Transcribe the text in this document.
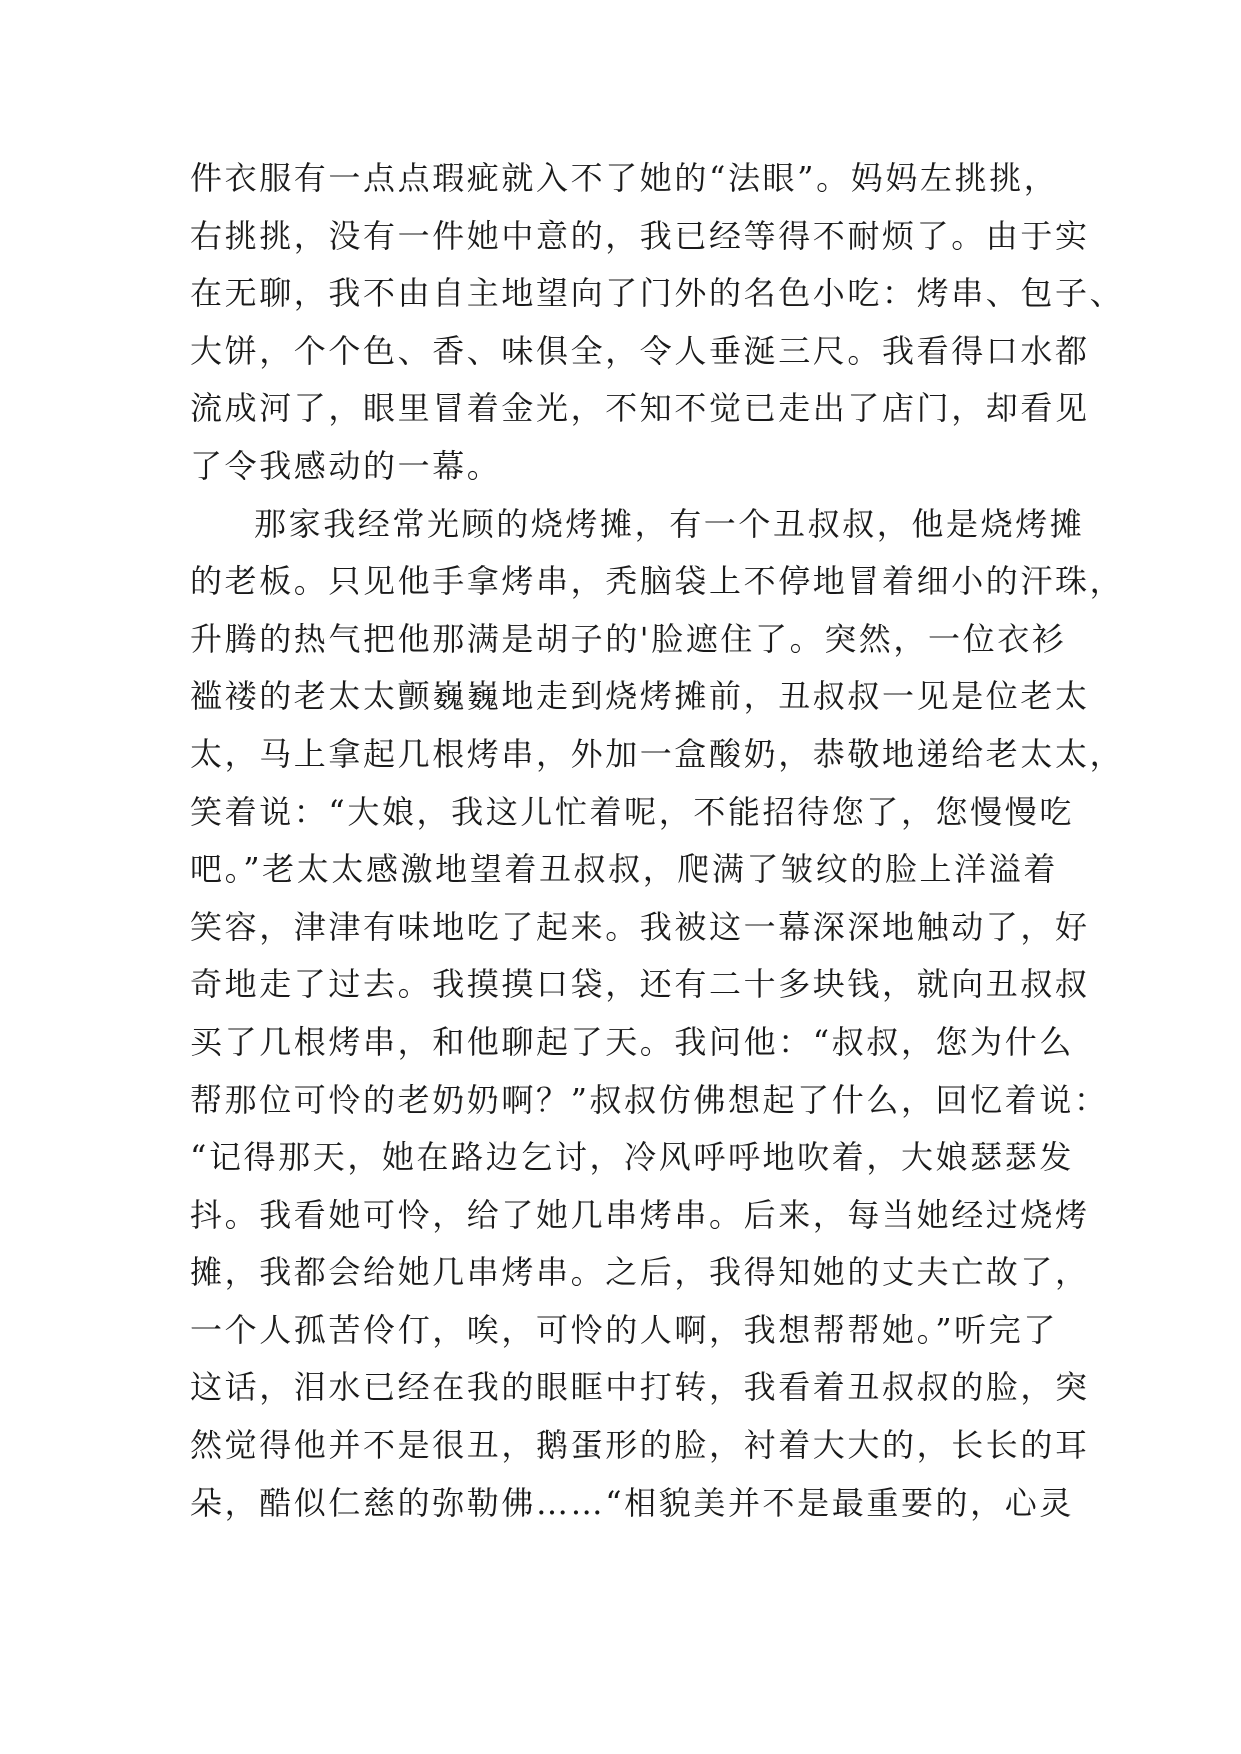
件衣服有一点点瑕疵就入不了她的“法眼”。妈妈左挑挑，
右挑挑，没有一件她中意的，我已经等得不耐烦了。由于实
在无聊，我不由自主地望向了门外的名色小吃：烤串、包子、
大饼，个个色、香、味俱全，令人垂涎三尺。我看得口水都
流成河了，眼里冒着金光，不知不觉已走出了店门，却看见
了令我感动的一幕。
那家我经常光顾的烧烤摊，有一个丑叔叔，他是烧烤摊
的老板。只见他手拿烤串，秃脑袋上不停地冒着细小的汗珠，
升腾的热气把他那满是胡子的'脸遮住了。突然，一位衣衫
褴褛的老太太颤巍巍地走到烧烤摊前，丑叔叔一见是位老太
太，马上拿起几根烤串，外加一盒酸奶，恭敬地递给老太太，
笑着说：“大娘，我这儿忙着呢，不能招待您了，您慢慢吃
吧。”老太太感激地望着丑叔叔，爬满了皱纹的脸上洋溢着
笑容，津津有味地吃了起来。我被这一幕深深地触动了，好
奇地走了过去。我摸摸口袋，还有二十多块钱，就向丑叔叔
买了几根烤串，和他聊起了天。我问他：“叔叔，您为什么
帮那位可怜的老奶奶啊？”叔叔仿佛想起了什么，回忆着说：
“记得那天，她在路边乞讨，冷风呼呼地吹着，大娘瑟瑟发
抖。我看她可怜，给了她几串烤串。后来，每当她经过烧烤
摊，我都会给她几串烤串。之后，我得知她的丈夫亡故了，
一个人孤苦伶仃，唉，可怜的人啊，我想帮帮她。”听完了
这话，泪水已经在我的眼眶中打转，我看着丑叔叔的脸，突
然觉得他并不是很丑，鹅蛋形的脸，衬着大大的，长长的耳
朵，酷似仁慈的弥勒佛……“相貌美并不是最重要的，心灵
